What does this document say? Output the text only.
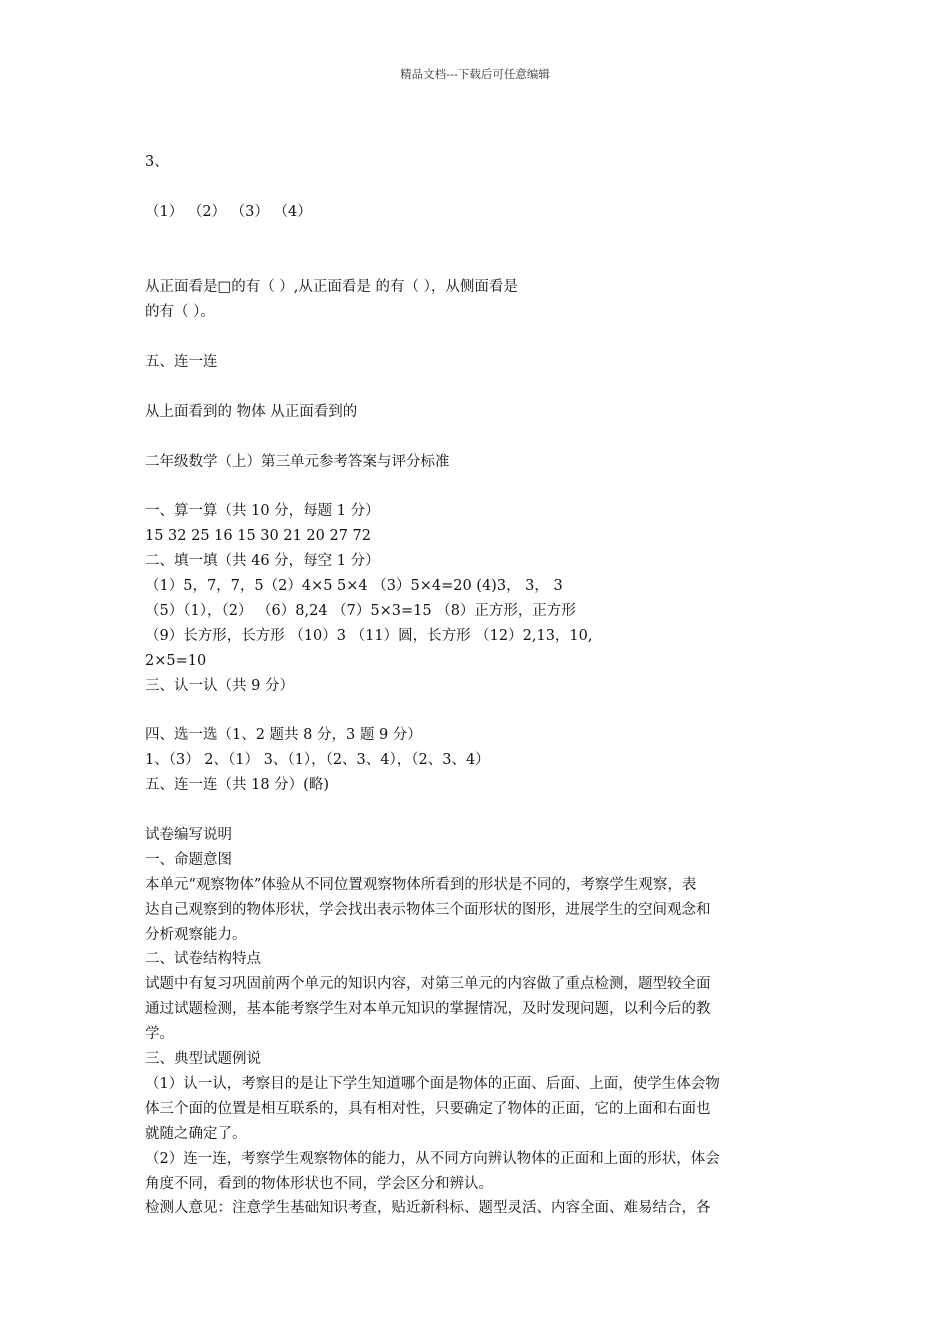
精品文档---下载后可任意编辑
3、
（1） （2） （3） （4）
从正面看是□的有（ ）,从正面看是 的有（ ），从侧面看是
的有（ ）。
五、连一连
从上面看到的 物体 从正面看到的
二年级数学（上）第三单元参考答案与评分标准
一、算一算（共 10 分，每题 1 分）
15 32 25 16 15 30 21 20 27 72
二、填一填（共 46 分，每空 1 分）
（1）5，7，7，5（2）4×5 5×4 （3）5×4=20 (4)3， 3， 3
（5）（1），（2） （6）8,24 （7）5×3=15 （8）正方形，正方形
（9）长方形，长方形 （10）3 （11）圆，长方形 （12）2,13，10,
2×5=10
三、认一认（共 9 分）
四、选一选（1、2 题共 8 分，3 题 9 分）
1、（3） 2、（1） 3、（1），（2、3、4），（2、3、4）
五、连一连（共 18 分）(略)
试卷编写说明
一、命题意图
本单元“观察物体”体验从不同位置观察物体所看到的形状是不同的，考察学生观察，表
达自己观察到的物体形状，学会找出表示物体三个面形状的图形，进展学生的空间观念和
分析观察能力。
二、试卷结构特点
试题中有复习巩固前两个单元的知识内容，对第三单元的内容做了重点检测，题型较全面
通过试题检测，基本能考察学生对本单元知识的掌握情况，及时发现问题，以利今后的教
学。
三、典型试题例说
（1）认一认，考察目的是让下学生知道哪个面是物体的正面、后面、上面，使学生体会物
体三个面的位置是相互联系的，具有相对性，只要确定了物体的正面，它的上面和右面也
就随之确定了。
（2）连一连，考察学生观察物体的能力，从不同方向辨认物体的正面和上面的形状，体会
角度不同，看到的物体形状也不同，学会区分和辨认。
检测人意见：注意学生基础知识考查，贴近新科标、题型灵活、内容全面、难易结合，各
